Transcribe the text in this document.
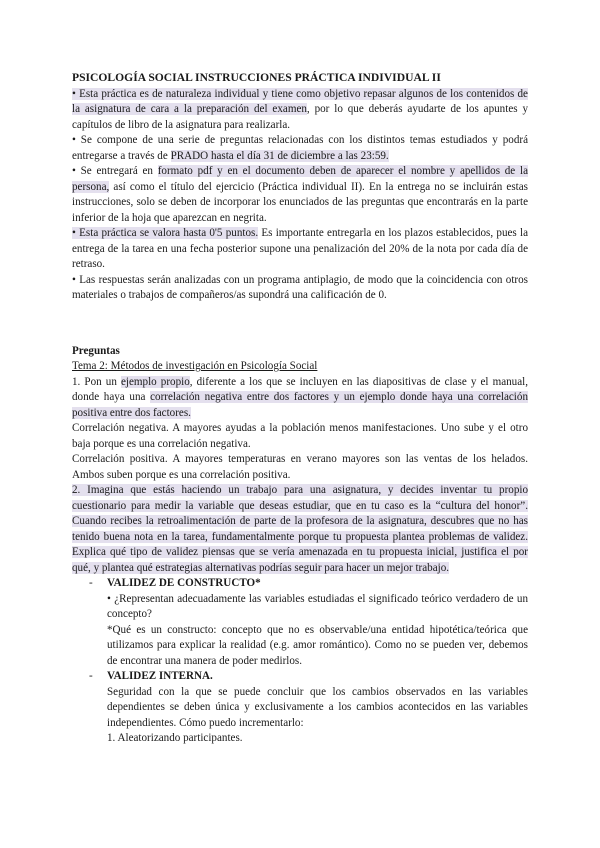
PSICOLOGÍA SOCIAL INSTRUCCIONES PRÁCTICA INDIVIDUAL II

• Esta práctica es de naturaleza individual y tiene como objetivo repasar algunos de los contenidos de la asignatura de cara a la preparación del examen, por lo que deberás ayudarte de los apuntes y capítulos de libro de la asignatura para realizarla.

• Se compone de una serie de preguntas relacionadas con los distintos temas estudiados y podrá entregarse a través de PRADO hasta el día 31 de diciembre a las 23:59.

• Se entregará en formato pdf y en el documento deben de aparecer el nombre y apellidos de la persona, así como el título del ejercicio (Práctica individual II). En la entrega no se incluirán estas instrucciones, solo se deben de incorporar los enunciados de las preguntas que encontrarás en la parte inferior de la hoja que aparezcan en negrita.

• Esta práctica se valora hasta 0'5 puntos. Es importante entregarla en los plazos establecidos, pues la entrega de la tarea en una fecha posterior supone una penalización del 20% de la nota por cada día de retraso.

• Las respuestas serán analizadas con un programa antiplagio, de modo que la coincidencia con otros materiales o trabajos de compañeros/as supondrá una calificación de 0.

Preguntas

Tema 2: Métodos de investigación en Psicología Social

1. Pon un ejemplo propio, diferente a los que se incluyen en las diapositivas de clase y el manual, donde haya una correlación negativa entre dos factores y un ejemplo donde haya una correlación positiva entre dos factores.

Correlación negativa. A mayores ayudas a la población menos manifestaciones. Uno sube y el otro baja porque es una correlación negativa.

Correlación positiva. A mayores temperaturas en verano mayores son las ventas de los helados. Ambos suben porque es una correlación positiva.

2. Imagina que estás haciendo un trabajo para una asignatura, y decides inventar tu propio cuestionario para medir la variable que deseas estudiar, que en tu caso es la “cultura del honor”. Cuando recibes la retroalimentación de parte de la profesora de la asignatura, descubres que no has tenido buena nota en la tarea, fundamentalmente porque tu propuesta plantea problemas de validez. Explica qué tipo de validez piensas que se vería amenazada en tu propuesta inicial, justifica el por qué, y plantea qué estrategias alternativas podrías seguir para hacer un mejor trabajo.

- VALIDEZ DE CONSTRUCTO*

• ¿Representan adecuadamente las variables estudiadas el significado teórico verdadero de un concepto?

*Qué es un constructo: concepto que no es observable/una entidad hipotética/teórica que utilizamos para explicar la realidad (e.g. amor romántico). Como no se pueden ver, debemos de encontrar una manera de poder medirlos.

- VALIDEZ INTERNA.

Seguridad con la que se puede concluir que los cambios observados en las variables dependientes se deben única y exclusivamente a los cambios acontecidos en las variables independientes. Cómo puedo incrementarlo:

1. Aleatorizando participantes.
